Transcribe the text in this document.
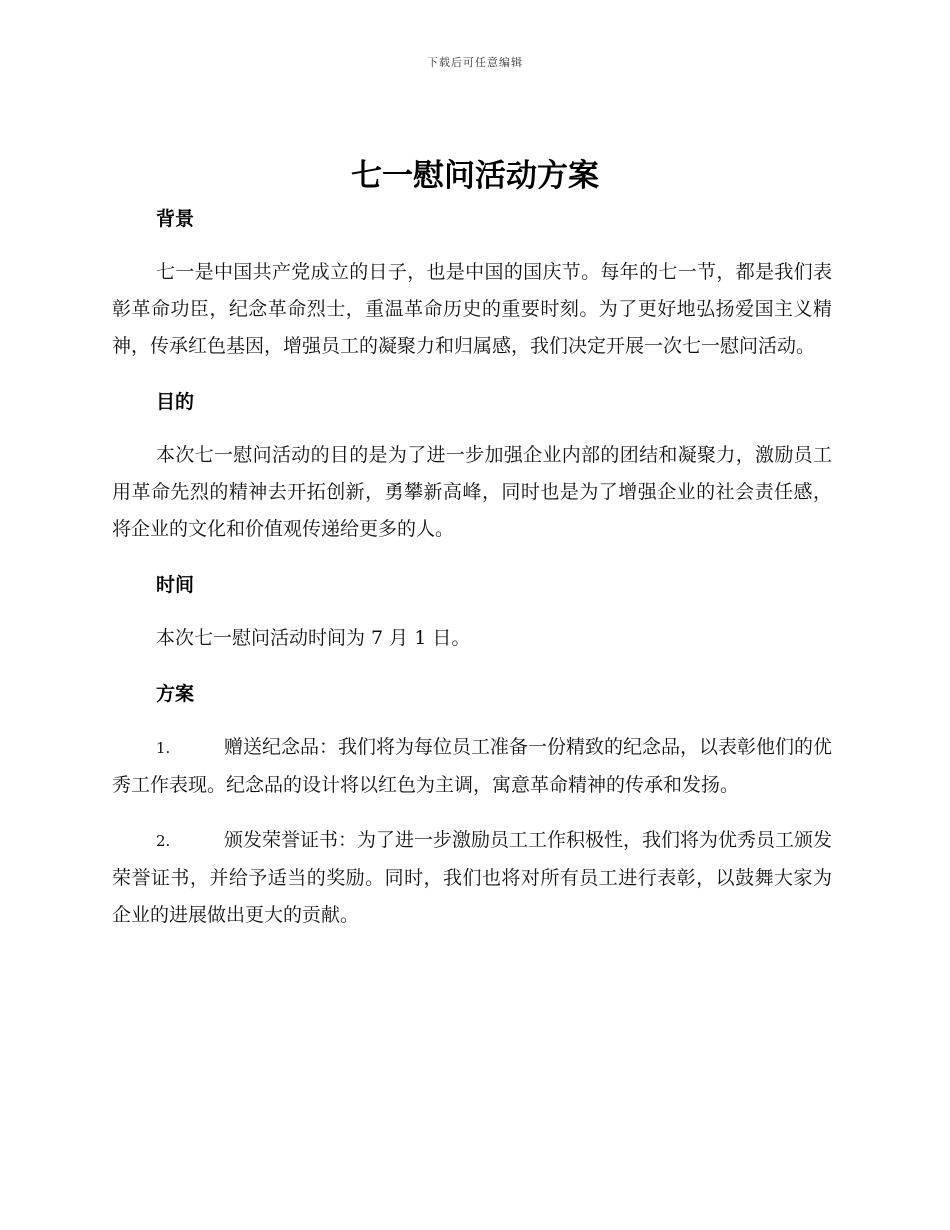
下载后可任意编辑
七一慰问活动方案
背景

七一是中国共产党成立的日子，也是中国的国庆节。每年的七一节，都是我们表彰革命功臣，纪念革命烈士，重温革命历史的重要时刻。为了更好地弘扬爱国主义精神，传承红色基因，增强员工的凝聚力和归属感，我们决定开展一次七一慰问活动。

目的

本次七一慰问活动的目的是为了进一步加强企业内部的团结和凝聚力，激励员工用革命先烈的精神去开拓创新，勇攀新高峰，同时也是为了增强企业的社会责任感，将企业的文化和价值观传递给更多的人。

时间

本次七一慰问活动时间为 7 月 1 日。

方案

1.	赠送纪念品：我们将为每位员工准备一份精致的纪念品，以表彰他们的优秀工作表现。纪念品的设计将以红色为主调，寓意革命精神的传承和发扬。

2.	颁发荣誉证书：为了进一步激励员工工作积极性，我们将为优秀员工颁发荣誉证书，并给予适当的奖励。同时，我们也将对所有员工进行表彰，以鼓舞大家为企业的进展做出更大的贡献。
